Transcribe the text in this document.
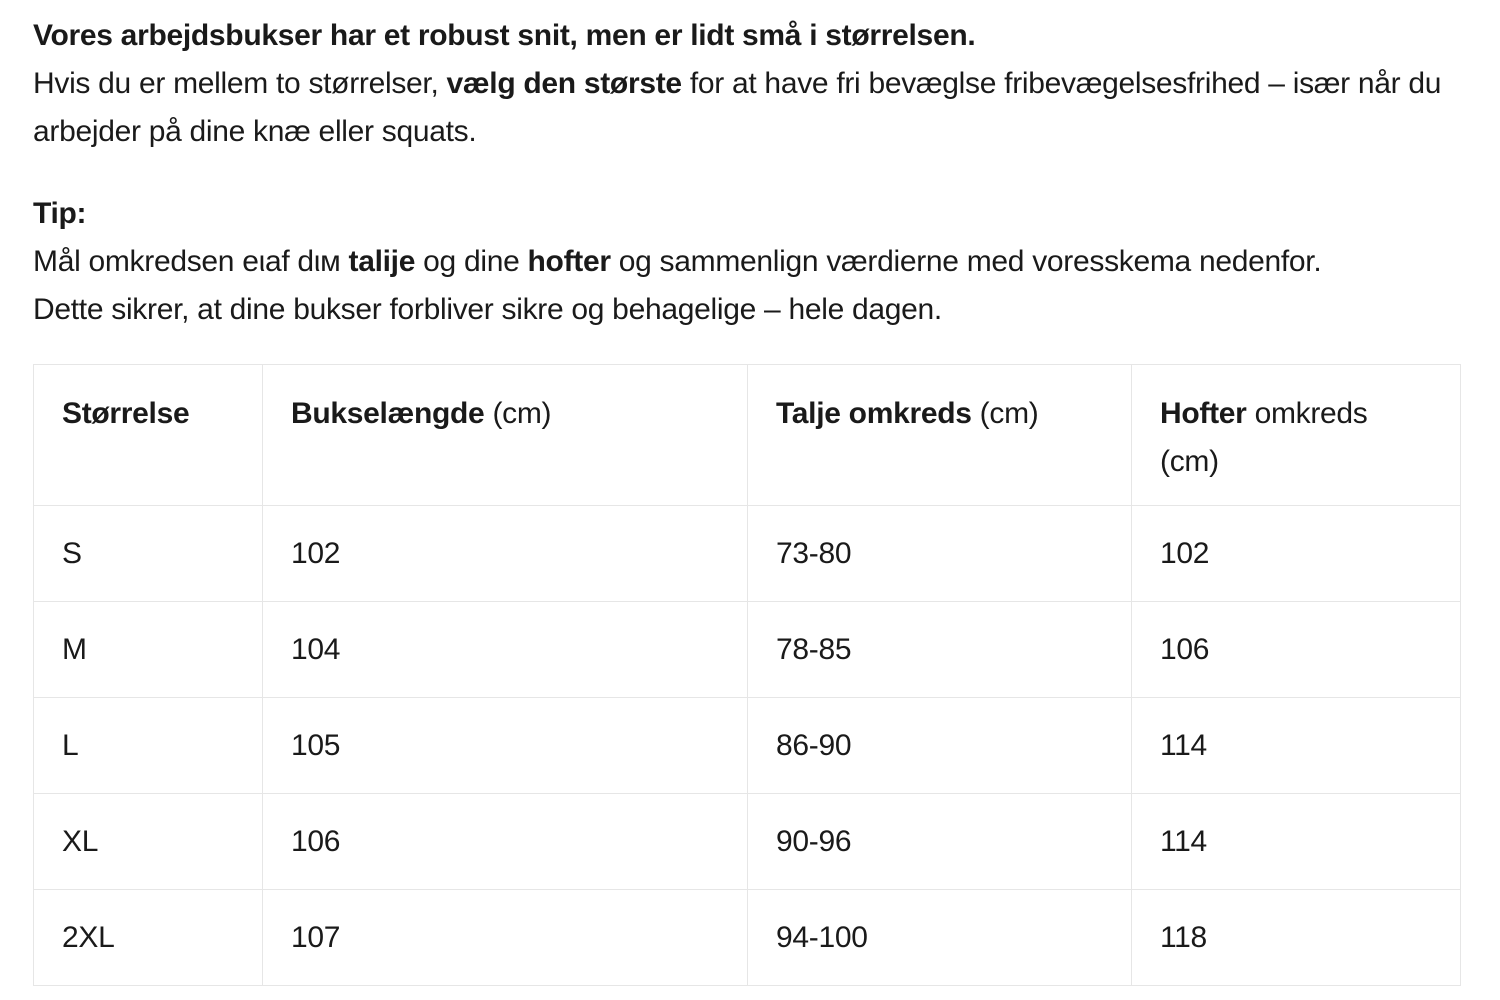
Vores arbejdsbukser har et robust snit, men er lidt små i størrelsen.

Hvis du er mellem to størrelser, vælg den største for at have fri bevæglse fribevægelsesfrihed – især når du arbejder på dine knæ eller squats.

Tip:

Mål omkredsen eιaf dιм talije og dine hofter og sammenlign værdierne med voresskema nedenfor.

Dette sikrer, at dine bukser forbliver sikre og behagelige – hele dagen.

Størrelse	Bukselængde (cm)	Talje omkreds (cm)	Hofter omkreds (cm)
S	102	73-80	102
M	104	78-85	106
L	105	86-90	114
XL	106	90-96	114
2XL	107	94-100	118
